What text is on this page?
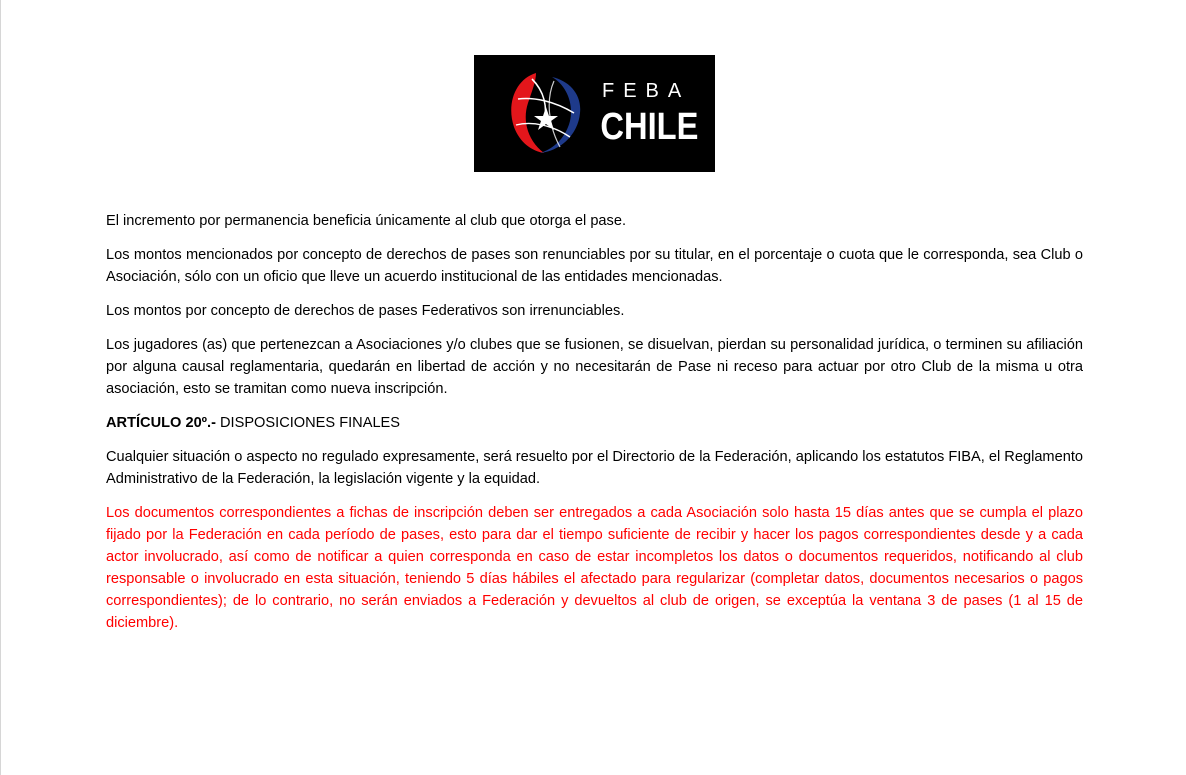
FEBA
CHILE

El incremento por permanencia beneficia únicamente al club que otorga el pase.

Los montos mencionados por concepto de derechos de pases son renunciables por su titular, en el porcentaje o cuota que le corresponda, sea Club o Asociación, sólo con un oficio que lleve un acuerdo institucional de las entidades mencionadas.

Los montos por concepto de derechos de pases Federativos son irrenunciables.

Los jugadores (as) que pertenezcan a Asociaciones y/o clubes que se fusionen, se disuelvan, pierdan su personalidad jurídica, o terminen su afiliación por alguna causal reglamentaria, quedarán en libertad de acción y no necesitarán de Pase ni receso para actuar por otro Club de la misma u otra asociación, esto se tramitan como nueva inscripción.

ARTÍCULO 20º.- DISPOSICIONES FINALES

Cualquier situación o aspecto no regulado expresamente, será resuelto por el Directorio de la Federación, aplicando los estatutos FIBA, el Reglamento Administrativo de la Federación, la legislación vigente y la equidad.

Los documentos correspondientes a fichas de inscripción deben ser entregados a cada Asociación solo hasta 15 días antes que se cumpla el plazo fijado por la Federación en cada período de pases, esto para dar el tiempo suficiente de recibir y hacer los pagos correspondientes desde y a cada actor involucrado, así como de notificar a quien corresponda en caso de estar incompletos los datos o documentos requeridos, notificando al club responsable o involucrado en esta situación, teniendo 5 días hábiles el afectado para regularizar (completar datos, documentos necesarios o pagos correspondientes); de lo contrario, no serán enviados a Federación y devueltos al club de origen, se exceptúa la ventana 3 de pases (1 al 15 de diciembre).
